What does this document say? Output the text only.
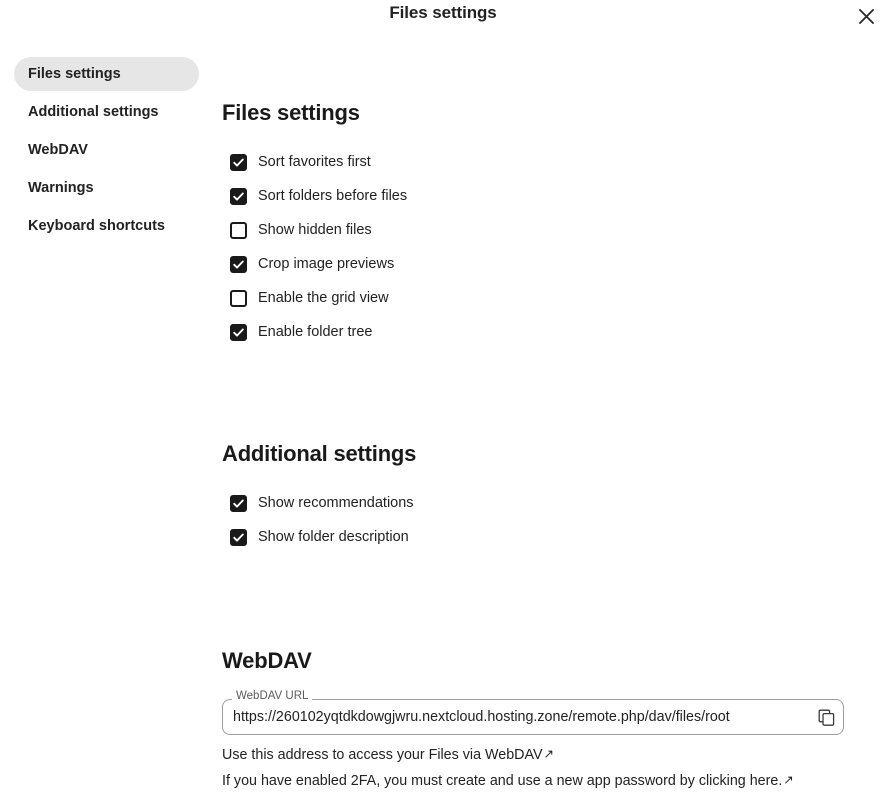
Files settings
Files settings
Additional settings
WebDAV
Warnings
Keyboard shortcuts
Files settings
Sort favorites first
Sort folders before files
Show hidden files
Crop image previews
Enable the grid view
Enable folder tree
Additional settings
Show recommendations
Show folder description
WebDAV
WebDAV URL
https://260102yqtdkdowgjwru.nextcloud.hosting.zone/remote.php/dav/files/root
Use this address to access your Files via WebDAV↗
If you have enabled 2FA, you must create and use a new app password by clicking here.↗
